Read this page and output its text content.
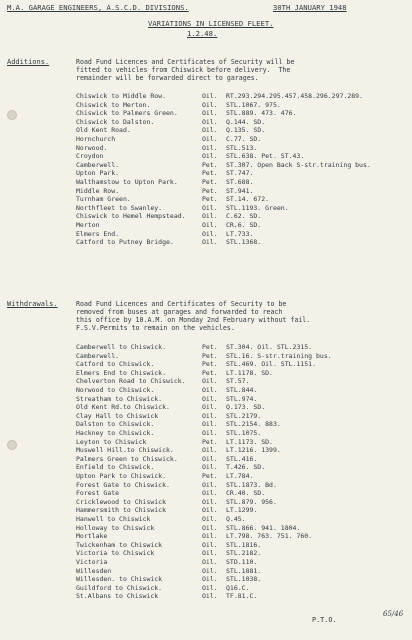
M.A. GARAGE ENGINEERS, A.S.C.D. DIVISIONS.	30TH JANUARY 1948
VARIATIONS IN LICENSED FLEET.
1.2.48.
Additions.	Road Fund Licences and Certificates of Security will be
fitted to vehicles from Chiswick before delivery.  The
remainder will be forwarded direct to garages.
Chiswick to Middle Row.	Oil. RT.293.294.295.457.458.296.297.289.
Chiswick to Merton.	Oil. STL.1067. 975.
Chiswick to Palmers Green.	Oil. STL.889. 473. 476.
Chiswick to Dalston.	Oil. Q.144. SD.
Old Kent Road.	Oil. Q.135. SD.
Hornchurch	Oil. C.77. SD.
Norwood.	Oil. STL.513.
Croydon	Oil. STL.638. Pet. ST.43.
Camberwell.	Pet. ST.307. Open Back S-str.training bus.
Upton Park.	Pet. ST.747.
Walthamstow to Upton Park.	Pet. ST.688.
Middle Row.	Pet. ST.941.
Turnham Green.	Pet. ST.14. 672.
Northfleet to Swanley.	Oil. STL.1193. Green.
Chiswick to Hemel Hempstead.	Oil. C.62. SD.
Merton	Oil. CR.6. SD.
Elmers End.	Oil. LT.733.
Catford to Putney Bridge.	Oil. STL.1368.
Withdrawals.	Road Fund Licences and Certificates of Security to be
removed from buses at garages and forwarded to reach
this office by 10.A.M. on Monday 2nd February without fail.
F.S.V.Permits to remain on the vehicles.
Camberwell to Chiswick.	Pet. ST.304. Oil. STL.2315.
Camberwell.	Pet. STL.16. S-str.training bus.
Catford to Chiswick.	Pet. STL.469. Oil. STL.1151.
Elmers End to Chiswick.	Pet. LT.1178. SD.
Chelverton Road to Chiswick.	Oil. ST.57.
Norwood to Chiswick.	Oil. STL.844.
Streatham to Chiswick.	Oil. STL.974.
Old Kent Rd.to Chiswick.	Oil. Q.173. SD.
Clay Hall to Chiswick	Oil. STL.2179.
Dalston to Chiswick.	Oil. STL.2154. 883.
Hackney to Chiswick.	Oil. STL.1075.
Leyton to Chiswick	Pet. LT.1173. SD.
Muswell Hill.to Chiswick.	Oil. LT.1216. 1399.
Palmers Green to Chiswick.	Oil. STL.416.
Enfield to Chiswick.	Oil. T.426. SD.
Upton Park to Chiswick.	Pet. LT.784.
Forest Gate to Chiswick.	Oil. STL.1873. Bd.
Forest Gate	Oil. CR.40. SD.
Cricklewood to Chiswick	Oil. STL.879. 956.
Hammersmith to Chiswick	Oil. LT.1299.
Hanwell to Chiswick	Oil. Q.45.
Holloway to Chiswick	Oil. STL.866. 941. 1804.
Mortlake	Oil. LT.798. 763. 751. 760.
Twickenham to Chiswick	Oil. STL.1816.
Victoria to Chiswick	Oil. STL.2182.
Victoria	Oil. STD.110.
Willesden	Oil. STL.1881.
Willesden. to Chiswick	Oil. STL.1038.
Guildford to Chiswick.	Oil. Q16.C.
St.Albans to Chiswick	Oil. TF.81.C.
P.T.O.
65/46
